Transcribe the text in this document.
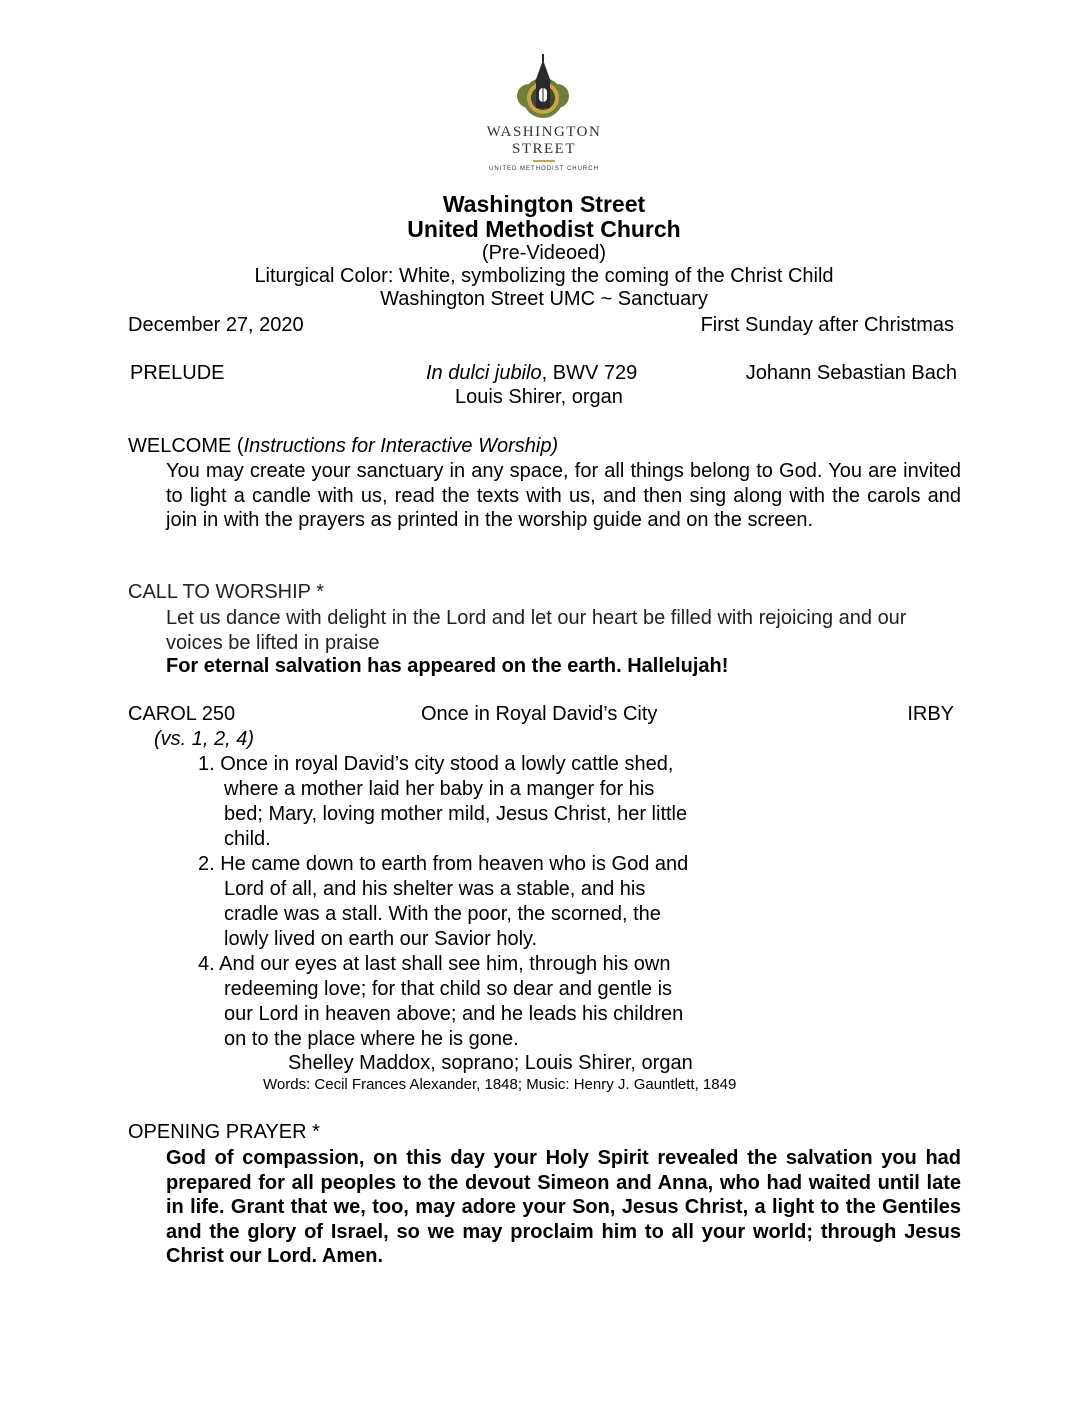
WASHINGTON
STREET
UNITED METHODIST CHURCH
Washington Street
United Methodist Church
(Pre-Videoed)
Liturgical Color: White, symbolizing the coming of the Christ Child
Washington Street UMC ~ Sanctuary
December 27, 2020	First Sunday after Christmas
PRELUDE	In dulci jubilo, BWV 729	Johann Sebastian Bach
Louis Shirer, organ
WELCOME (Instructions for Interactive Worship)
You may create your sanctuary in any space, for all things belong to God. You are invited to light a candle with us, read the texts with us, and then sing along with the carols and join in with the prayers as printed in the worship guide and on the screen.
CALL TO WORSHIP *
Let us dance with delight in the Lord and let our heart be filled with rejoicing and our voices be lifted in praise
For eternal salvation has appeared on the earth. Hallelujah!
CAROL 250	Once in Royal David’s City	IRBY
(vs. 1, 2, 4)
1. Once in royal David’s city stood a lowly cattle shed,
where a mother laid her baby in a manger for his
bed; Mary, loving mother mild, Jesus Christ, her little
child.
2. He came down to earth from heaven who is God and
Lord of all, and his shelter was a stable, and his
cradle was a stall. With the poor, the scorned, the
lowly lived on earth our Savior holy.
4. And our eyes at last shall see him, through his own
redeeming love; for that child so dear and gentle is
our Lord in heaven above; and he leads his children
on to the place where he is gone.
Shelley Maddox, soprano; Louis Shirer, organ
Words: Cecil Frances Alexander, 1848; Music: Henry J. Gauntlett, 1849
OPENING PRAYER *
God of compassion, on this day your Holy Spirit revealed the salvation you had prepared for all peoples to the devout Simeon and Anna, who had waited until late in life. Grant that we, too, may adore your Son, Jesus Christ, a light to the Gentiles and the glory of Israel, so we may proclaim him to all your world; through Jesus Christ our Lord. Amen.
